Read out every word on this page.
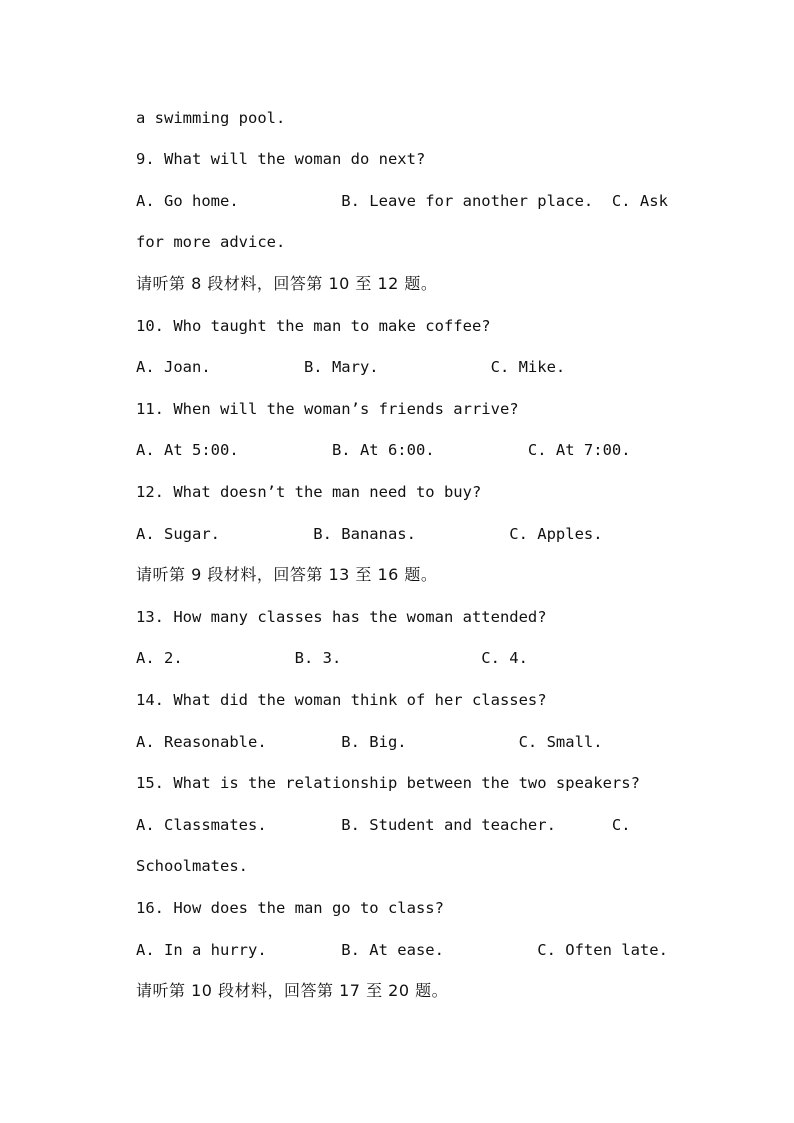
a swimming pool.
9. What will the woman do next?
A. Go home.           B. Leave for another place.  C. Ask
for more advice.
请听第 8 段材料，回答第 10 至 12 题。
10. Who taught the man to make coffee?
A. Joan.          B. Mary.            C. Mike.
11. When will the woman’s friends arrive?
A. At 5:00.          B. At 6:00.          C. At 7:00.
12. What doesn’t the man need to buy?
A. Sugar.          B. Bananas.          C. Apples.
请听第 9 段材料，回答第 13 至 16 题。
13. How many classes has the woman attended?
A. 2.            B. 3.               C. 4.
14. What did the woman think of her classes?
A. Reasonable.        B. Big.            C. Small.
15. What is the relationship between the two speakers?
A. Classmates.        B. Student and teacher.      C.
Schoolmates.
16. How does the man go to class?
A. In a hurry.        B. At ease.          C. Often late.
请听第 10 段材料，回答第 17 至 20 题。
